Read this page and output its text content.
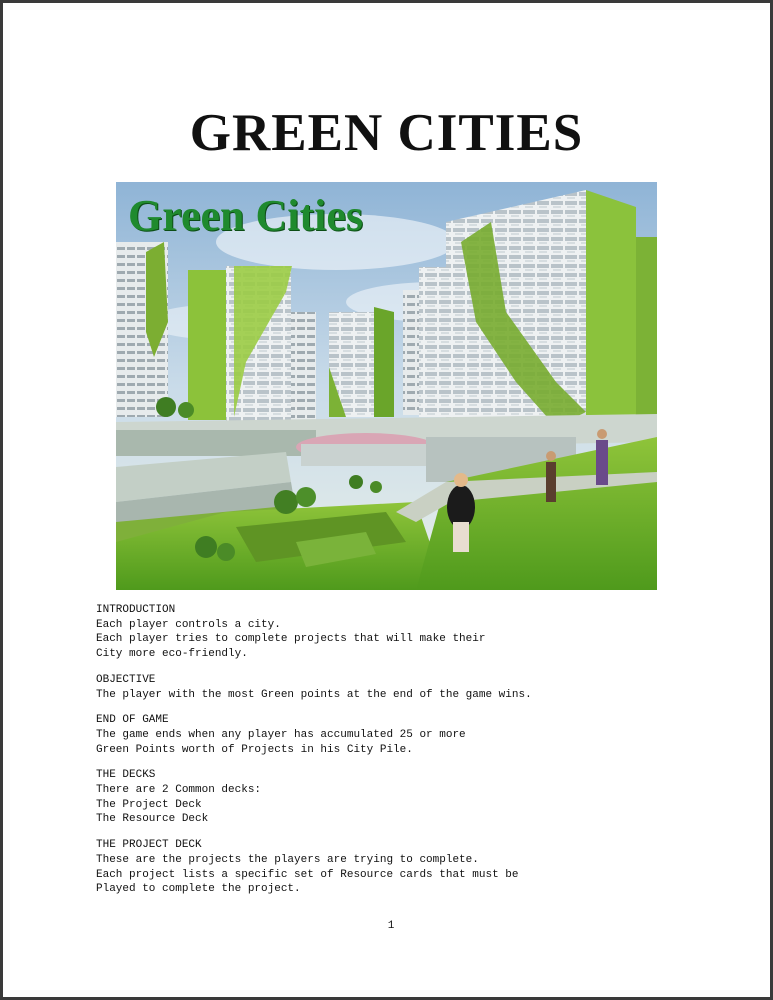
GREEN CITIES
Green Cities
INTRODUCTION
Each player controls a city.
Each player tries to complete projects that will make their
City more eco-friendly.
OBJECTIVE
The player with the most Green points at the end of the game wins.
END OF GAME
The game ends when any player has accumulated 25 or more
Green Points worth of Projects in his City Pile.
THE DECKS
There are 2 Common decks:
The Project Deck
The Resource Deck
THE PROJECT DECK
These are the projects the players are trying to complete.
Each project lists a specific set of Resource cards that must be
Played to complete the project.
1
